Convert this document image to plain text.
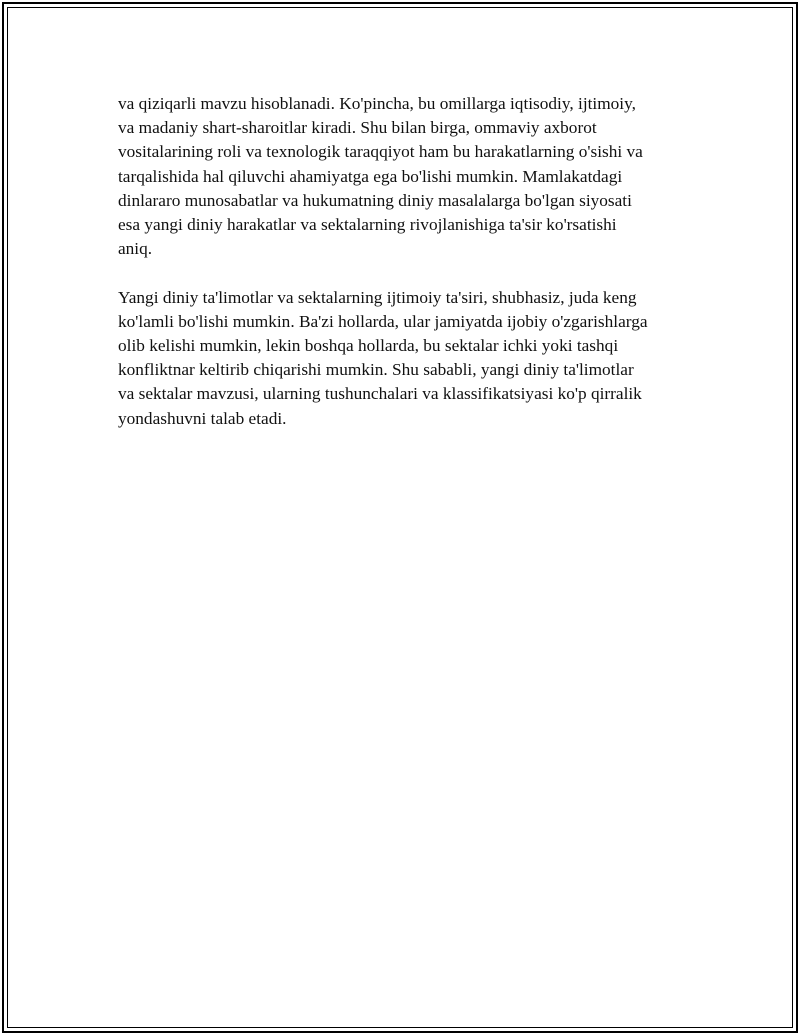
va qiziqarli mavzu hisoblanadi. Ko'pincha, bu omillarga iqtisodiy, ijtimoiy,
va madaniy shart-sharoitlar kiradi. Shu bilan birga, ommaviy axborot
vositalarining roli va texnologik taraqqiyot ham bu harakatlarning o'sishi va
tarqalishida hal qiluvchi ahamiyatga ega bo'lishi mumkin. Mamlakatdagi
dinlararo munosabatlar va hukumatning diniy masalalarga bo'lgan siyosati
esa yangi diniy harakatlar va sektalarning rivojlanishiga ta'sir ko'rsatishi
aniq.

Yangi diniy ta'limotlar va sektalarning ijtimoiy ta'siri, shubhasiz, juda keng
ko'lamli bo'lishi mumkin. Ba'zi hollarda, ular jamiyatda ijobiy o'zgarishlarga
olib kelishi mumkin, lekin boshqa hollarda, bu sektalar ichki yoki tashqi
konfliktnar keltirib chiqarishi mumkin. Shu sababli, yangi diniy ta'limotlar
va sektalar mavzusi, ularning tushunchalari va klassifikatsiyasi ko'p qirralik
yondashuvni talab etadi.
